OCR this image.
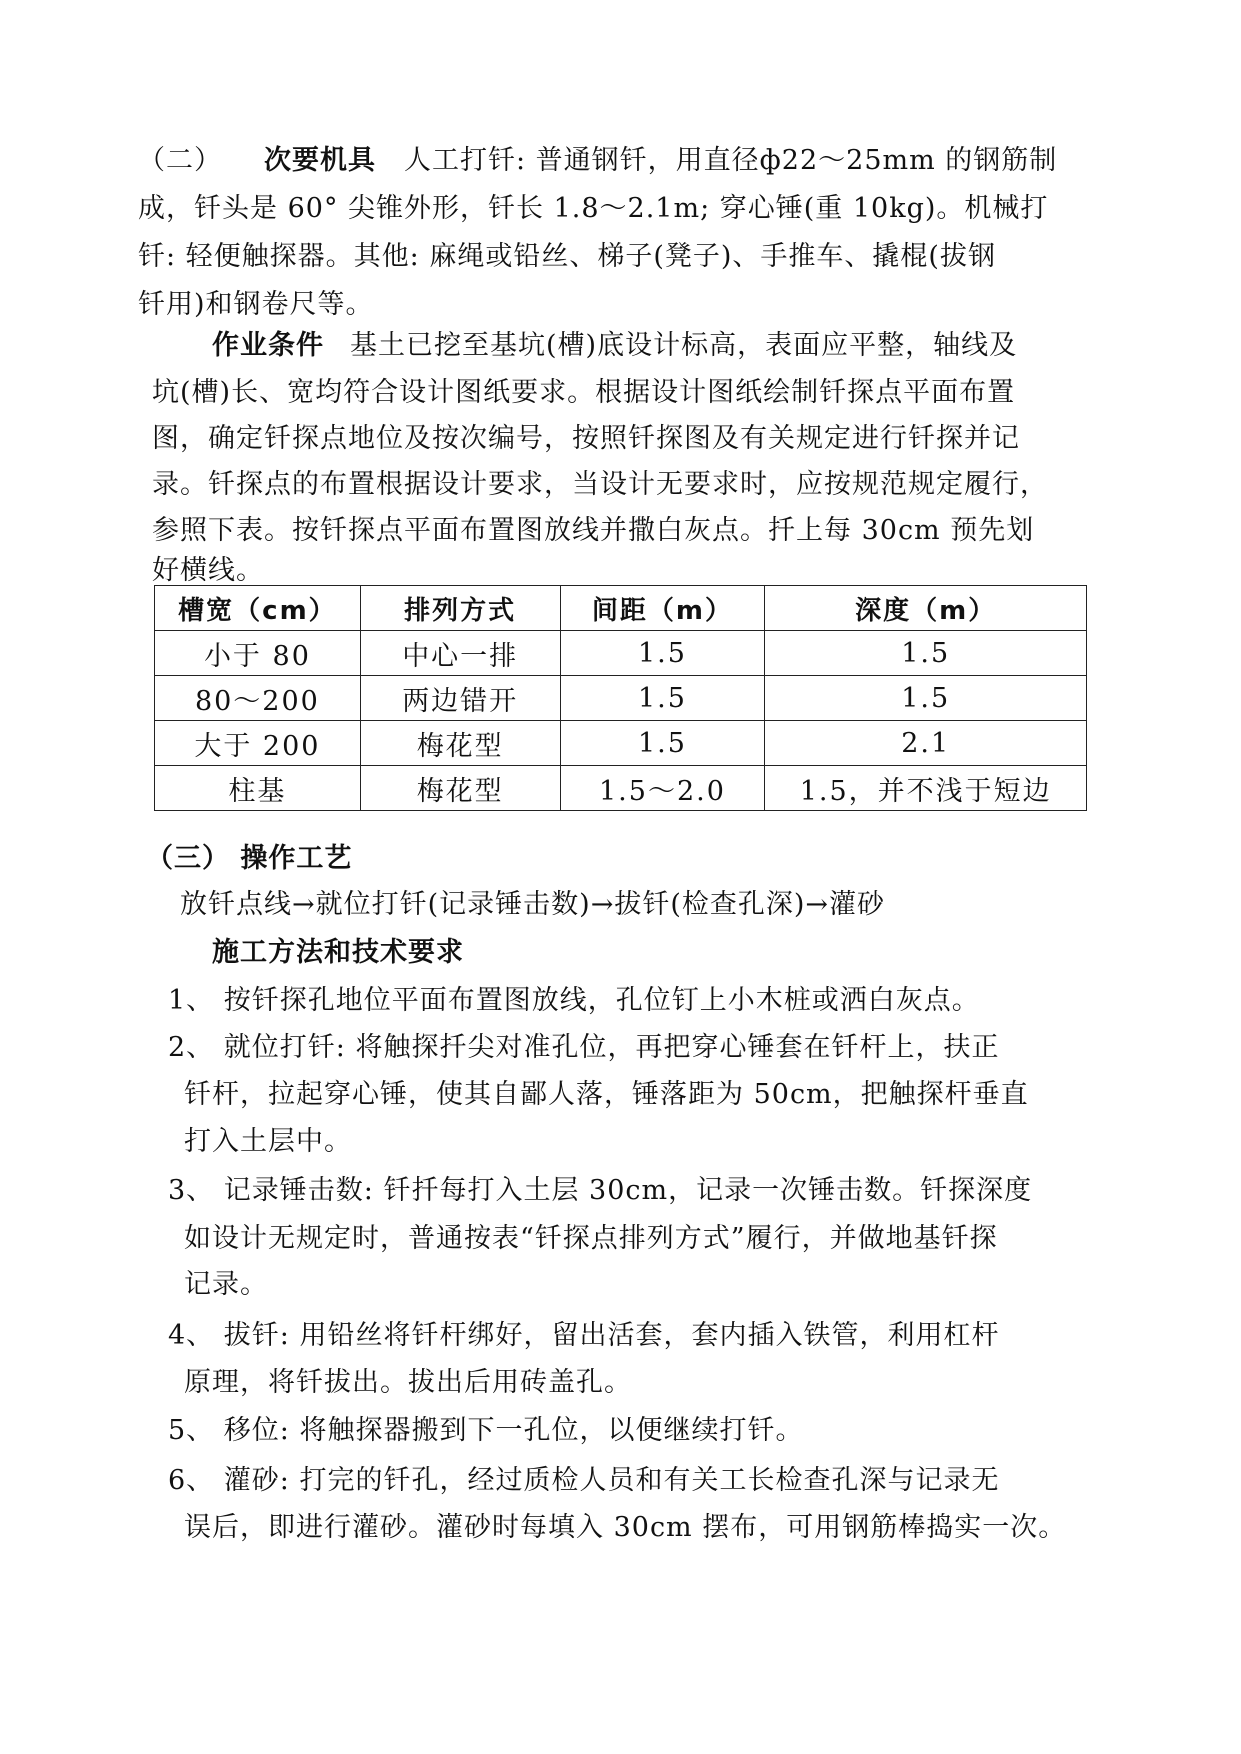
（二） 次要机具 人工打钎: 普通钢钎，用直径ф22～25mm 的钢筋制
成，钎头是 60° 尖锥外形，钎长 1.8～2.1m; 穿心锤(重 10kg)。机械打
钎: 轻便触探器。其他: 麻绳或铅丝、梯子(凳子)、手推车、撬棍(拔钢
钎用)和钢卷尺等。
作业条件 基土已挖至基坑(槽)底设计标高，表面应平整，轴线及
坑(槽)长、宽均符合设计图纸要求。根据设计图纸绘制钎探点平面布置
图，确定钎探点地位及按次编号，按照钎探图及有关规定进行钎探并记
录。钎探点的布置根据设计要求，当设计无要求时，应按规范规定履行，
参照下表。按钎探点平面布置图放线并撒白灰点。扦上每 30cm 预先划
好横线。
槽宽（cm）	排列方式	间距（m）	深度（m）
小于 80	中心一排	1.5	1.5
80～200	两边错开	1.5	1.5
大于 200	梅花型	1.5	2.1
柱基	梅花型	1.5～2.0	1.5，并不浅于短边
（三） 操作工艺
放钎点线→就位打钎(记录锤击数)→拔钎(检查孔深)→灌砂
施工方法和技术要求
1、 按钎探孔地位平面布置图放线，孔位钉上小木桩或洒白灰点。
2、 就位打钎: 将触探扦尖对准孔位，再把穿心锤套在钎杆上，扶正
钎杆，拉起穿心锤，使其自鄙人落，锤落距为 50cm，把触探杆垂直
打入土层中。
3、 记录锤击数: 钎扦每打入土层 30cm，记录一次锤击数。钎探深度
如设计无规定时，普通按表“钎探点排列方式”履行，并做地基钎探
记录。
4、 拔钎: 用铅丝将钎杆绑好，留出活套，套内插入铁管，利用杠杆
原理，将钎拔出。拔出后用砖盖孔。
5、 移位: 将触探器搬到下一孔位，以便继续打钎。
6、 灌砂: 打完的钎孔，经过质检人员和有关工长检查孔深与记录无
误后，即进行灌砂。灌砂时每填入 30cm 摆布，可用钢筋棒捣实一次。
